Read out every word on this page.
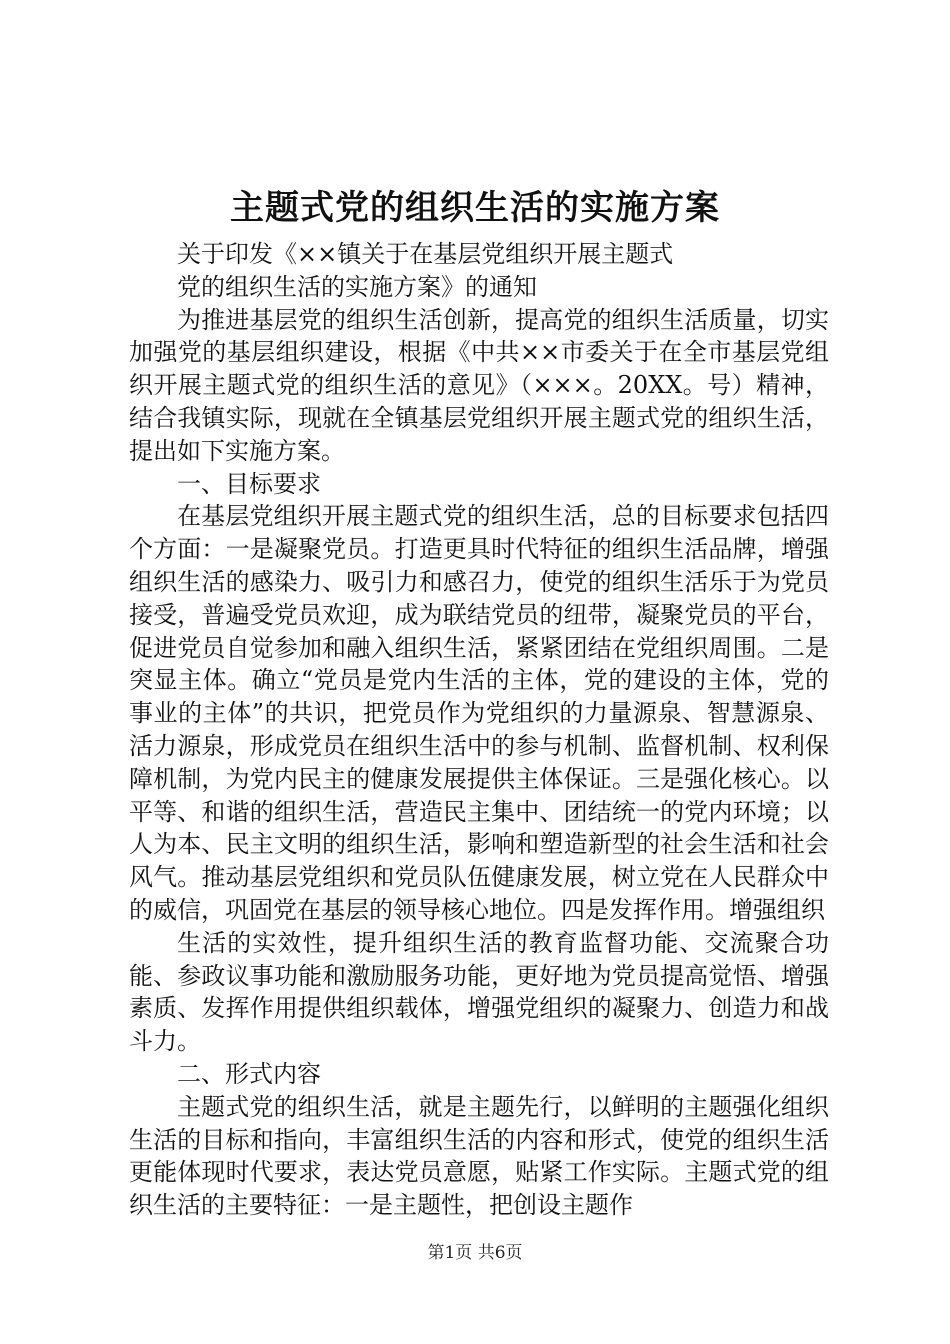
主题式党的组织生活的实施方案

关于印发《××镇关于在基层党组织开展主题式

党的组织生活的实施方案》的通知

为推进基层党的组织生活创新，提高党的组织生活质量，切实加强党的基层组织建设，根据《中共××市委关于在全市基层党组织开展主题式党的组织生活的意见》（×××。20XX。号）精神，结合我镇实际，现就在全镇基层党组织开展主题式党的组织生活，提出如下实施方案。

一、目标要求

在基层党组织开展主题式党的组织生活，总的目标要求包括四个方面：一是凝聚党员。打造更具时代特征的组织生活品牌，增强组织生活的感染力、吸引力和感召力，使党的组织生活乐于为党员接受，普遍受党员欢迎，成为联结党员的纽带，凝聚党员的平台，促进党员自觉参加和融入组织生活，紧紧团结在党组织周围。二是突显主体。确立“党员是党内生活的主体，党的建设的主体，党的事业的主体”的共识，把党员作为党组织的力量源泉、智慧源泉、活力源泉，形成党员在组织生活中的参与机制、监督机制、权利保障机制，为党内民主的健康发展提供主体保证。三是强化核心。以平等、和谐的组织生活，营造民主集中、团结统一的党内环境；以人为本、民主文明的组织生活，影响和塑造新型的社会生活和社会风气。推动基层党组织和党员队伍健康发展，树立党在人民群众中的威信，巩固党在基层的领导核心地位。四是发挥作用。增强组织

生活的实效性，提升组织生活的教育监督功能、交流聚合功能、参政议事功能和激励服务功能，更好地为党员提高觉悟、增强素质、发挥作用提供组织载体，增强党组织的凝聚力、创造力和战斗力。

二、形式内容

主题式党的组织生活，就是主题先行，以鲜明的主题强化组织生活的目标和指向，丰富组织生活的内容和形式，使党的组织生活更能体现时代要求，表达党员意愿，贴紧工作实际。主题式党的组织生活的主要特征：一是主题性，把创设主题作

第1页 共6页
